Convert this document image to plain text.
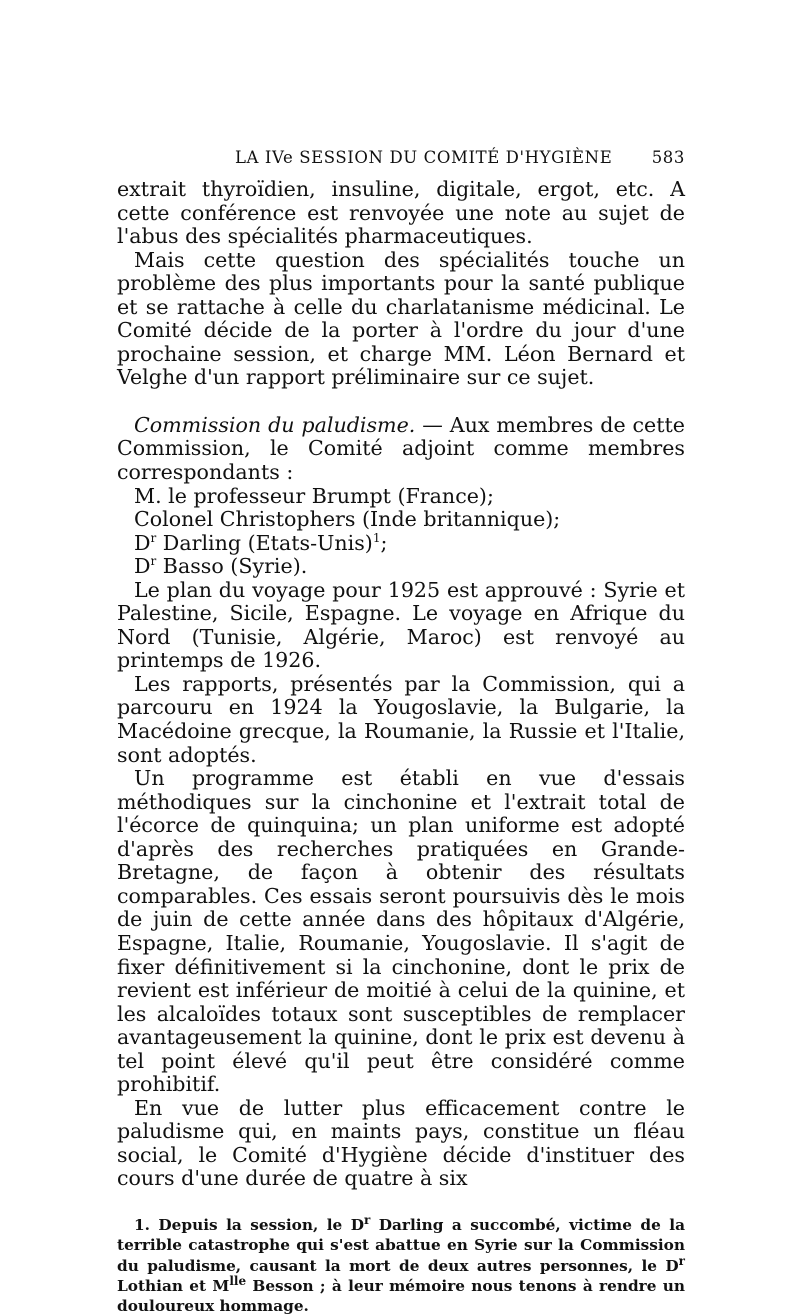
LA IVe SESSION DU COMITÉ D'HYGIÈNE 583

extrait thyroïdien, insuline, digitale, ergot, etc. A cette conférence est renvoyée une note au sujet de l'abus des spécialités pharmaceutiques.

Mais cette question des spécialités touche un problème des plus importants pour la santé publique et se rattache à celle du charlatanisme médicinal. Le Comité décide de la porter à l'ordre du jour d'une prochaine session, et charge MM. Léon Bernard et Velghe d'un rapport préliminaire sur ce sujet.

Commission du paludisme. — Aux membres de cette Commission, le Comité adjoint comme membres correspondants :

M. le professeur Brumpt (France);

Colonel Christophers (Inde britannique);

$D^r$ Darling (Etats-Unis)$^1$;

$D^r$ Basso (Syrie).

Le plan du voyage pour 1925 est approuvé : Syrie et Palestine, Sicile, Espagne. Le voyage en Afrique du Nord (Tunisie, Algérie, Maroc) est renvoyé au printemps de 1926.

Les rapports, présentés par la Commission, qui a parcouru en 1924 la Yougoslavie, la Bulgarie, la Macédoine grecque, la Roumanie, la Russie et l'Italie, sont adoptés.

Un programme est établi en vue d'essais méthodiques sur la cinchonine et l'extrait total de l'écorce de quinquina; un plan uniforme est adopté d'après des recherches pratiquées en Grande-Bretagne, de façon à obtenir des résultats comparables. Ces essais seront poursuivis dès le mois de juin de cette année dans des hôpitaux d'Algérie, Espagne, Italie, Roumanie, Yougoslavie. Il s'agit de fixer définitivement si la cinchonine, dont le prix de revient est inférieur de moitié à celui de la quinine, et les alcaloïdes totaux sont susceptibles de remplacer avantageusement la quinine, dont le prix est devenu à tel point élevé qu'il peut être considéré comme prohibitif.

En vue de lutter plus efficacement contre le paludisme qui, en maints pays, constitue un fléau social, le Comité d'Hygiène décide d'instituer des cours d'une durée de quatre à six

1. Depuis la session, le $D^r$ Darling a succombé, victime de la terrible catastrophe qui s'est abattue en Syrie sur la Commission du paludisme, causant la mort de deux autres personnes, le $D^r$ Lothian et $M^{lle}$ Besson ; à leur mémoire nous tenons à rendre un douloureux hommage.
